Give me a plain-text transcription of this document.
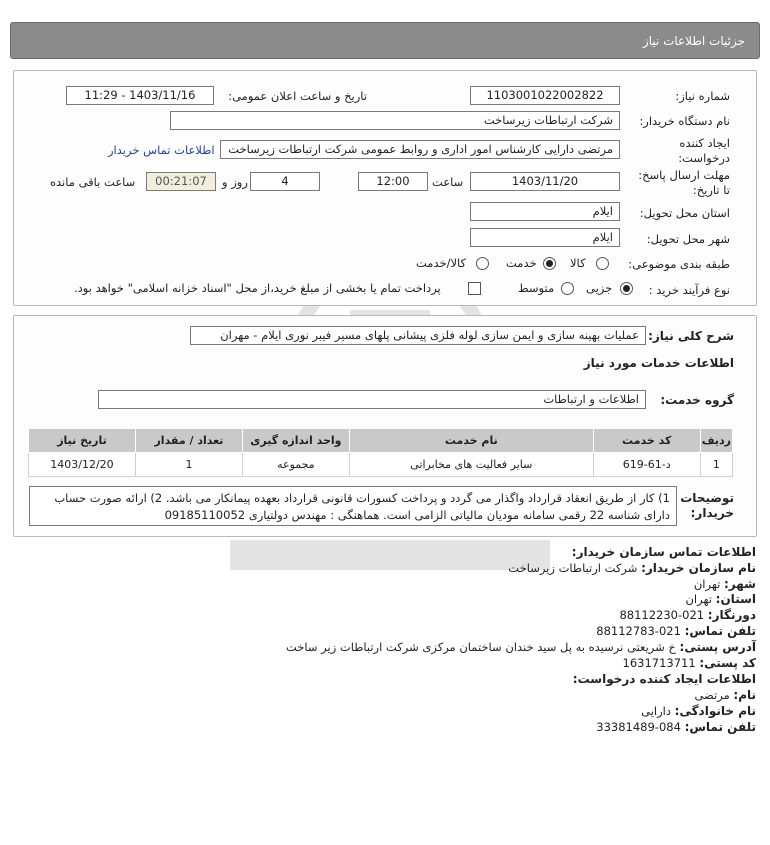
جزئیات اطلاعات نیاز
شماره نیاز:
1103001022002822
تاریخ و ساعت اعلان عمومی:
1403/11/16 - 11:29
نام دستگاه خریدار:
شرکت ارتباطات زیرساخت
ایجاد کننده
درخواست:
مرتضی دارایی کارشناس امور اداری و روابط عمومی شرکت ارتباطات زیرساخت
اطلاعات تماس خریدار
مهلت ارسال پاسخ:
تا تاریخ:
1403/11/20
ساعت
12:00
4
روز و
00:21:07
ساعت باقی مانده
استان محل تحویل:
ایلام
شهر محل تحویل:
ایلام
طبقه بندی موضوعی:
کالا
خدمت
کالا/خدمت
نوع فرآیند خرید :
جزیی
متوسط
پرداخت تمام یا بخشی از مبلغ خرید،از محل "اسناد خزانه اسلامی" خواهد بود.
شرح کلی نیاز:
عملیات بهینه سازی و ایمن سازی لوله فلزی پیشانی پلهای مسیر فیبر نوری ایلام - مهران
اطلاعات خدمات مورد نیاز
گروه خدمت:
اطلاعات و ارتباطات
ردیف	کد خدمت	نام خدمت	واحد اندازه گیری	تعداد / مقدار	تاریخ نیاز
1	د-61-619	سایر فعالیت های مخابراتی	مجموعه	1	1403/12/20
توضیحات
خریدار:
1) کار از طریق انعقاد قرارداد واگذار می گردد و پرداخت کسورات قانونی قرارداد بعهده پیمانکار می باشد. 2) ارائه صورت حساب
دارای شناسه 22 رقمی سامانه مودیان مالیاتی الزامی است. هماهنگی : مهندس دولتیاری 09185110052
اطلاعات تماس سازمان خریدار:
نام سازمان خریدار: شرکت ارتباطات زیرساخت
شهر: تهران
استان: تهران
دورنگار: 021-88112230
تلفن تماس: 021-88112783
آدرس پستی: خ شریعتی نرسیده به پل سید خندان ساختمان مرکزی شرکت ارتباطات زیر ساخت
کد پستی: 1631713711
اطلاعات ایجاد کننده درخواست:
نام: مرتضی
نام خانوادگی: دارایی
تلفن تماس: 084-33381489
